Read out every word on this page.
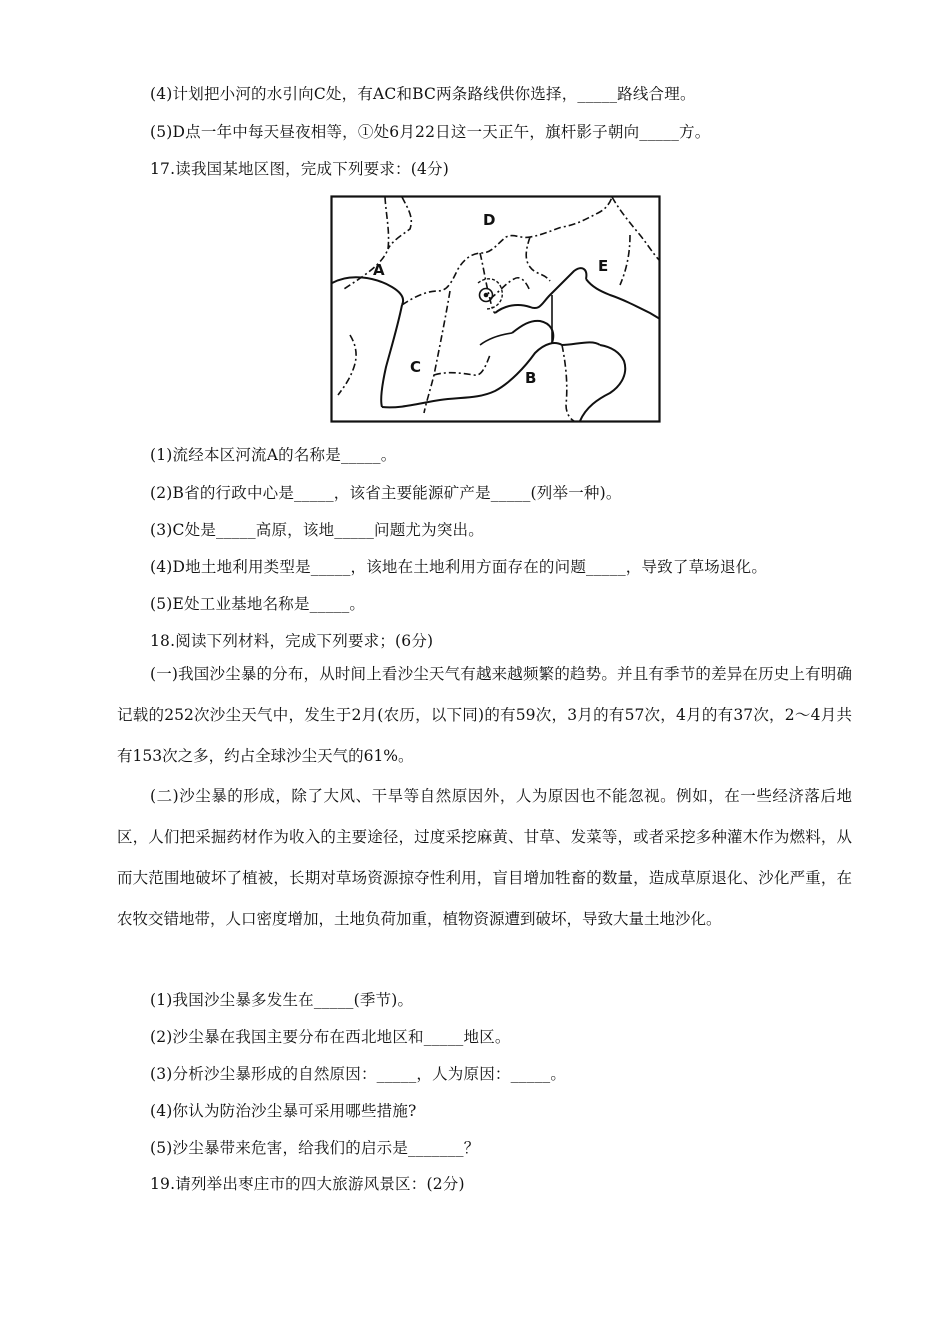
(4)计划把小河的水引向C处，有AC和BC两条路线供你选择，_____路线合理。
(5)D点一年中每天昼夜相等，①处6月22日这一天正午，旗杆影子朝向_____方。
17.读我国某地区图，完成下列要求：(4分)
D
A	E
C
B
(1)流经本区河流A的名称是_____。
(2)B省的行政中心是_____，该省主要能源矿产是_____(列举一种)。
(3)C处是_____高原，该地_____问题尤为突出。
(4)D地土地利用类型是_____，该地在土地利用方面存在的问题_____，导致了草场退化。
(5)E处工业基地名称是_____。
18.阅读下列材料，完成下列要求；(6分)
(一)我国沙尘暴的分布，从时间上看沙尘天气有越来越频繁的趋势。并且有季节的差异在历史上有明确记载的252次沙尘天气中，发生于2月(农历，以下同)的有59次，3月的有57次，4月的有37次，2～4月共有153次之多，约占全球沙尘天气的61%。
(二)沙尘暴的形成，除了大风、干旱等自然原因外，人为原因也不能忽视。例如，在一些经济落后地区，人们把采掘药材作为收入的主要途径，过度采挖麻黄、甘草、发菜等，或者采挖多种灌木作为燃料，从而大范围地破坏了植被，长期对草场资源掠夺性利用，盲目增加牲畜的数量，造成草原退化、沙化严重，在农牧交错地带，人口密度增加，土地负荷加重，植物资源遭到破坏，导致大量土地沙化。
(1)我国沙尘暴多发生在_____(季节)。
(2)沙尘暴在我国主要分布在西北地区和_____地区。
(3)分析沙尘暴形成的自然原因：_____，人为原因：_____。
(4)你认为防治沙尘暴可采用哪些措施?
(5)沙尘暴带来危害，给我们的启示是_______？
19.请列举出枣庄市的四大旅游风景区：(2分)
